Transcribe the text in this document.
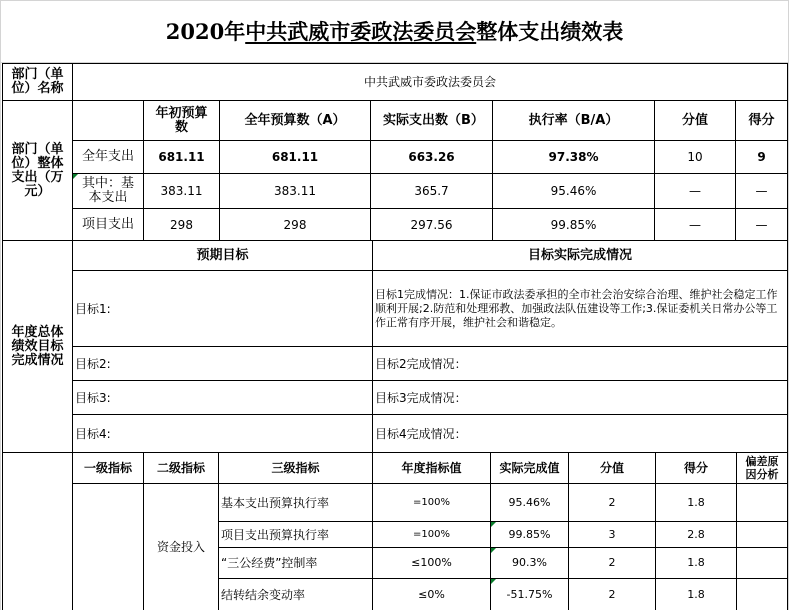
2020年 中共武威市委政法委员会 整体支出绩效表
部门（单位）名称	中共武威市委政法委员会
部门（单位）整体支出（万元）
年初预算数	全年预算数（A）	实际支出数（B）	执行率（B/A）	分值	得分
全年支出	681.11	681.11	663.26	97.38%	10	9
其中：基本支出	383.11	383.11	365.7	95.46%	—	—
项目支出	298	298	297.56	99.85%	—	—
年度总体绩效目标完成情况
预期目标	目标实际完成情况
目标1:
目标1完成情况：1.保证市政法委承担的全市社会治安综合治理、维护社会稳定工作顺利开展;2.防范和处理邪教、加强政法队伍建设等工作;3.保证委机关日常办公等工作正常有序开展，维护社会和谐稳定。
目标2:	目标2完成情况：
目标3:	目标3完成情况：
目标4:	目标4完成情况：
一级指标	二级指标	三级指标	年度指标值	实际完成值	分值	得分	偏差原因分析
资金投入
基本支出预算执行率	=100%	95.46%	2	1.8
项目支出预算执行率	=100%	99.85%	3	2.8
“三公经费”控制率	≤100%	90.3%	2	1.8
结转结余变动率	≤0%	-51.75%	2	1.8
